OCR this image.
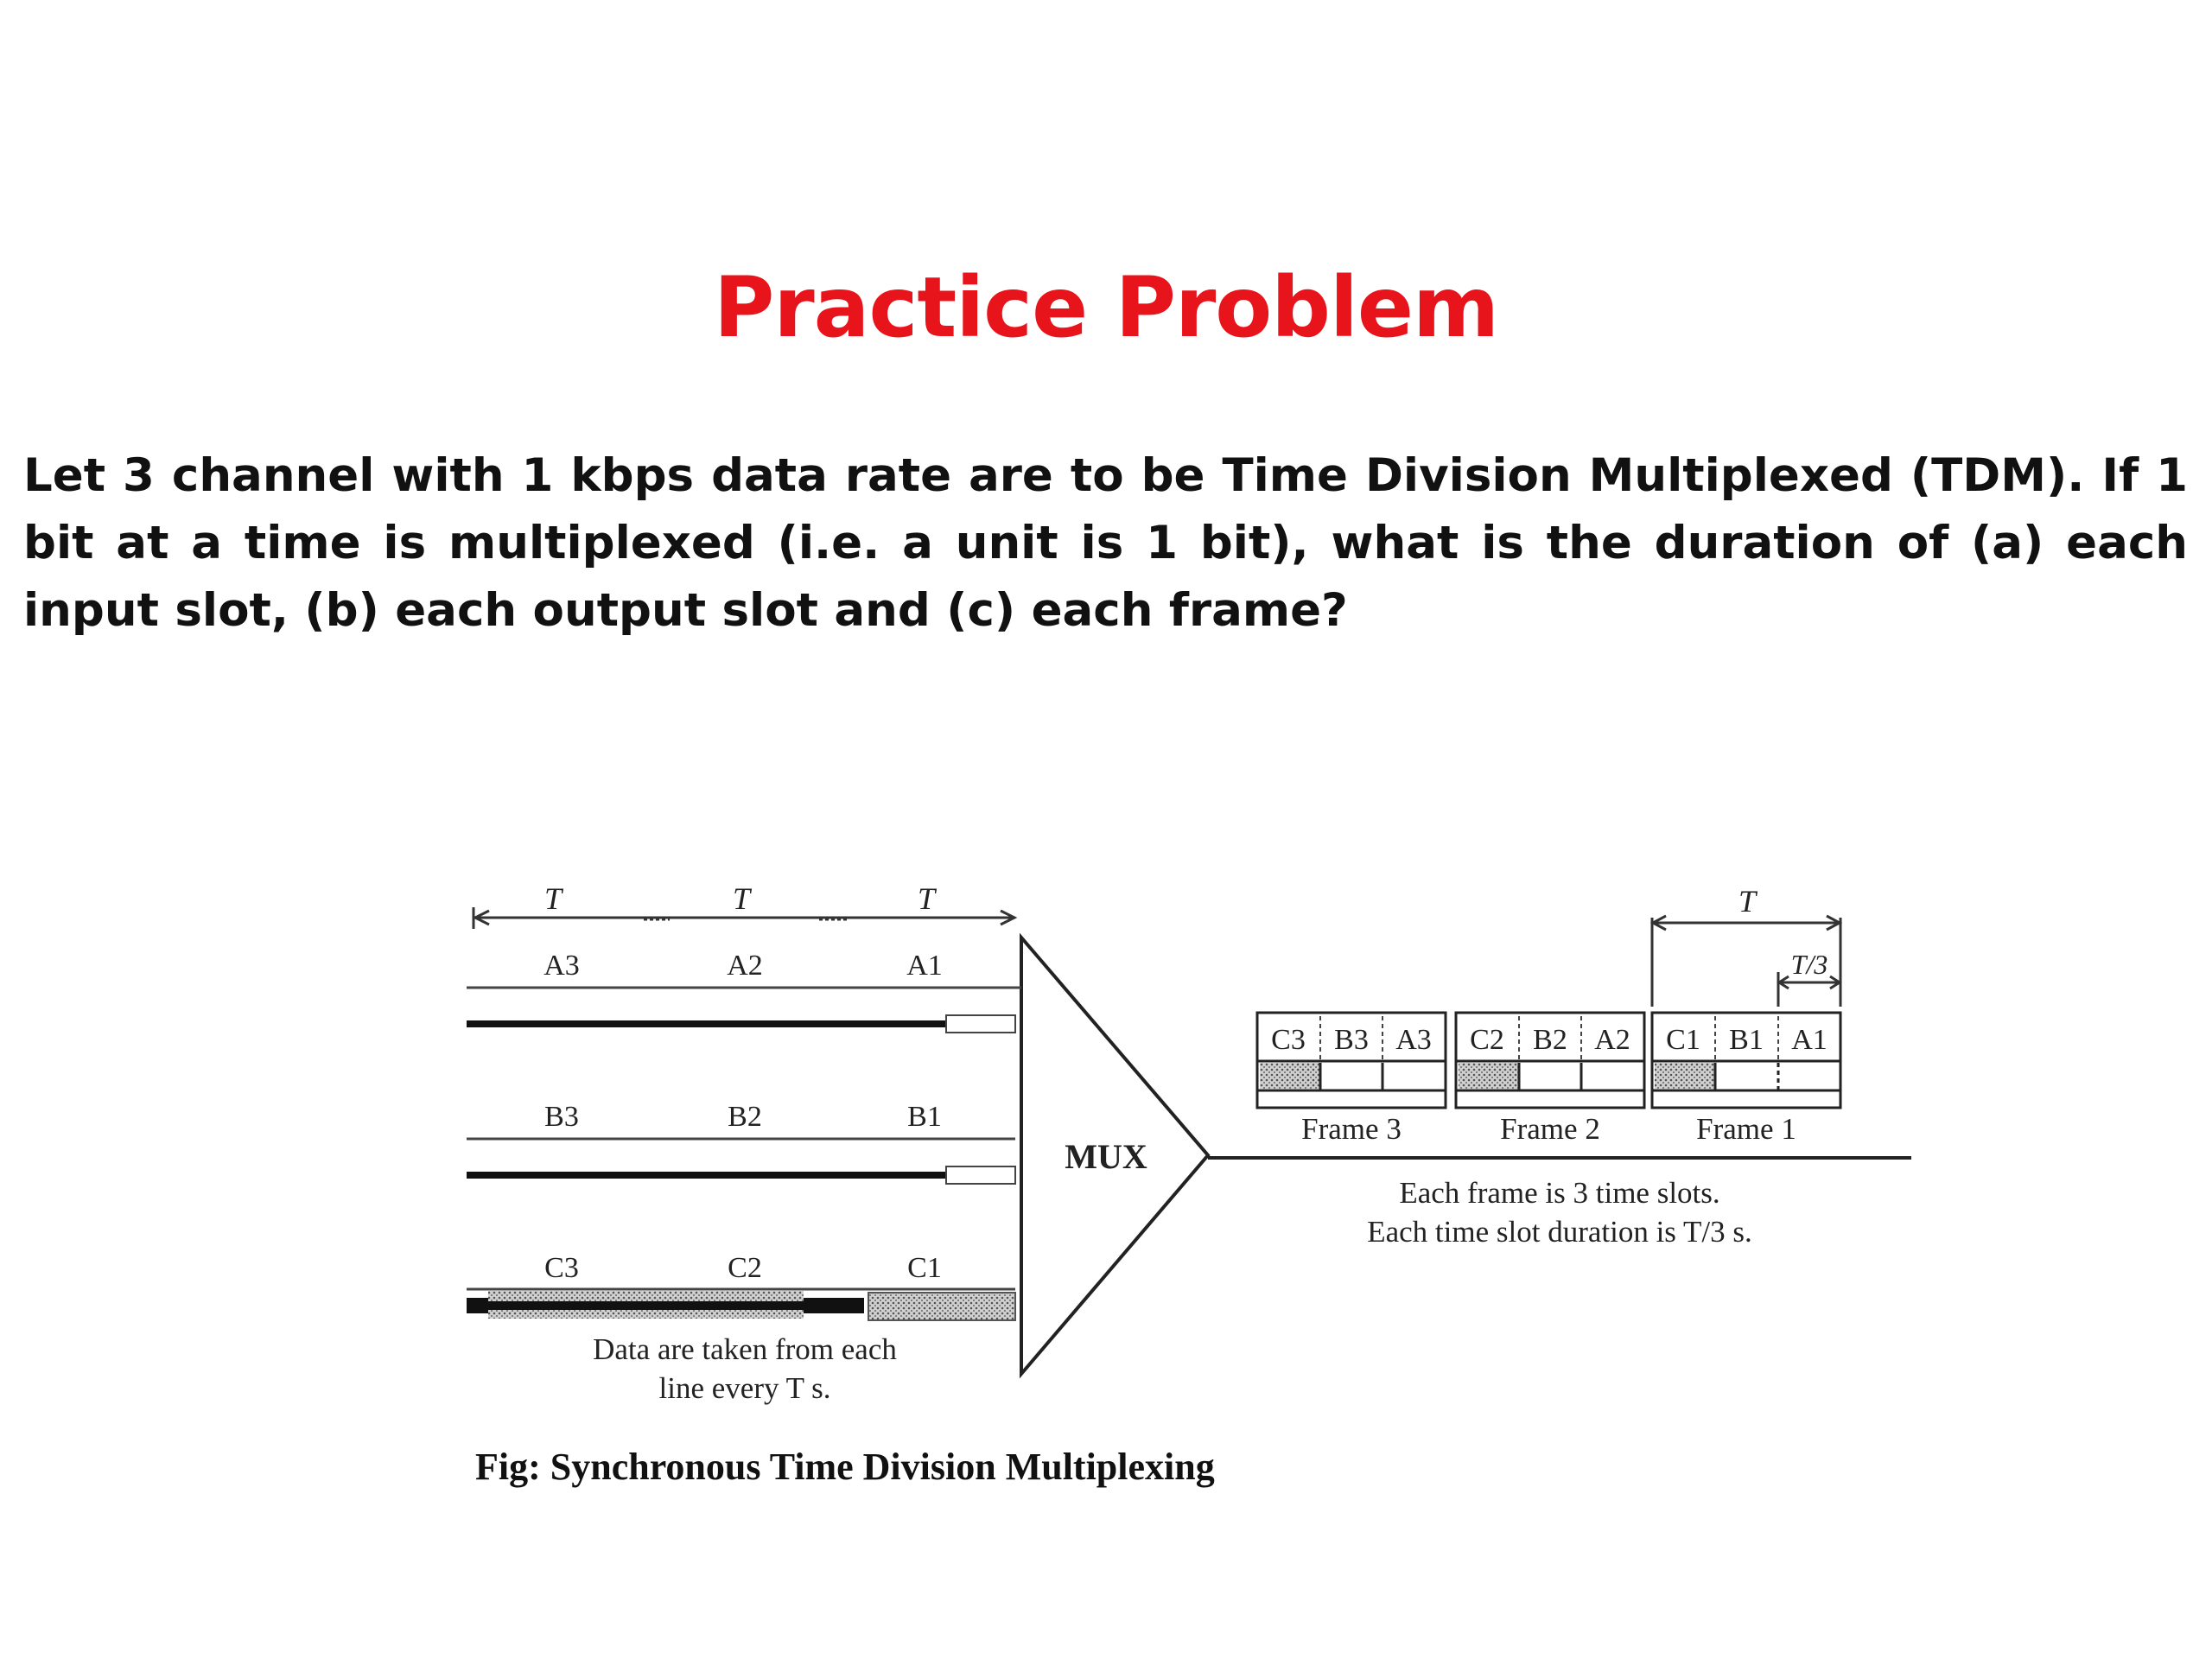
Practice Problem
Let 3 channel with 1 kbps data rate are to be Time Division Multiplexed (TDM). If 1 bit at a time is multiplexed (i.e. a unit is 1 bit), what is the duration of (a) each input slot, (b) each output slot and (c) each frame?
T	T	T
A3	A2	A1
B3	B2	B1
C3	C2	C1
Data are taken from each
line every T s.
MUX
T
T/3
C3 B3 A3
Frame 3
C2 B2 A2
Frame 2
C1 B1 A1
Frame 1
Each frame is 3 time slots.
Each time slot duration is T/3 s.
Fig: Synchronous Time Division Multiplexing
